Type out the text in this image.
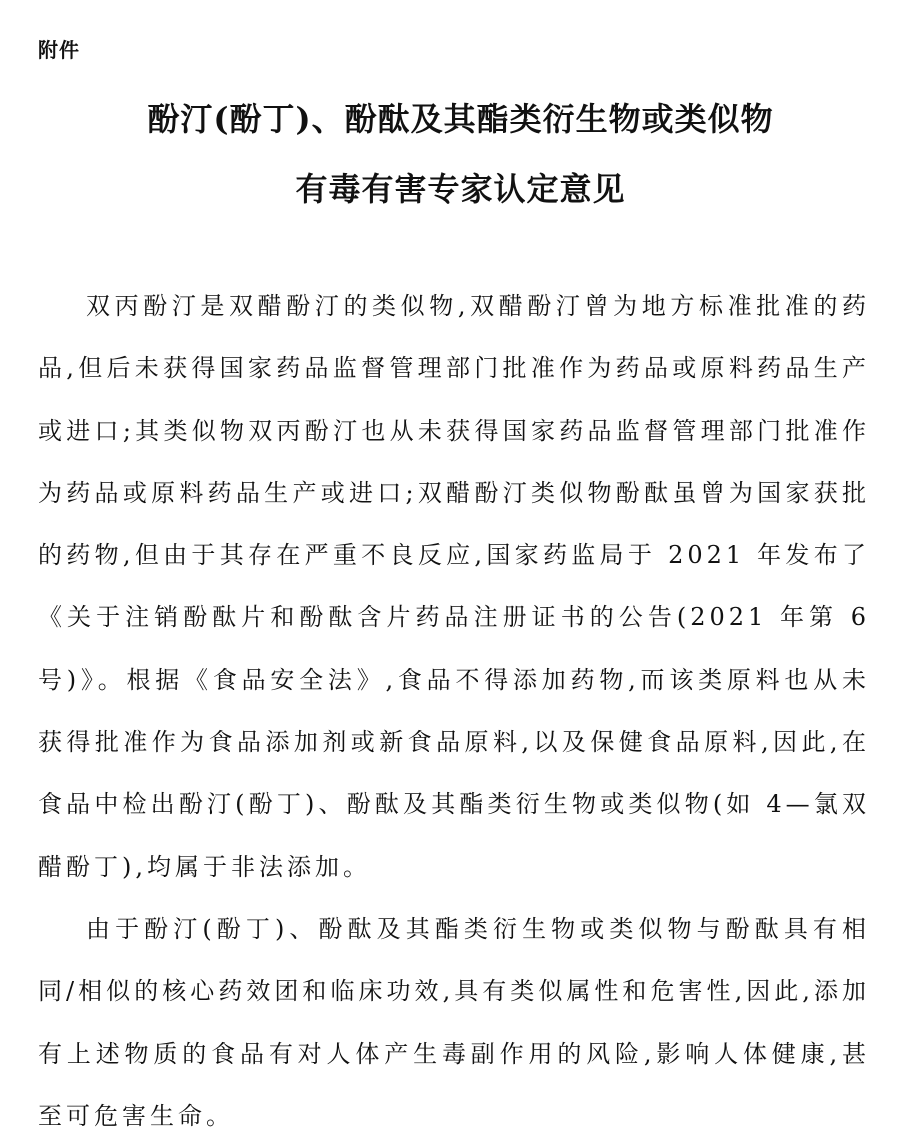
附件
酚汀(酚丁)、酚酞及其酯类衍生物或类似物
有毒有害专家认定意见

双丙酚汀是双醋酚汀的类似物,双醋酚汀曾为地方标准批准的药品,但后未获得国家药品监督管理部门批准作为药品或原料药品生产或进口;其类似物双丙酚汀也从未获得国家药品监督管理部门批准作为药品或原料药品生产或进口;双醋酚汀类似物酚酞虽曾为国家获批的药物,但由于其存在严重不良反应,国家药监局于 2021 年发布了《关于注销酚酞片和酚酞含片药品注册证书的公告(2021 年第 6 号)》。根据《食品安全法》,食品不得添加药物,而该类原料也从未获得批准作为食品添加剂或新食品原料,以及保健食品原料,因此,在食品中检出酚汀(酚丁)、酚酞及其酯类衍生物或类似物(如 4—氯双醋酚丁),均属于非法添加。

由于酚汀(酚丁)、酚酞及其酯类衍生物或类似物与酚酞具有相同/相似的核心药效团和临床功效,具有类似属性和危害性,因此,添加有上述物质的食品有对人体产生毒副作用的风险,影响人体健康,甚至可危害生命。
